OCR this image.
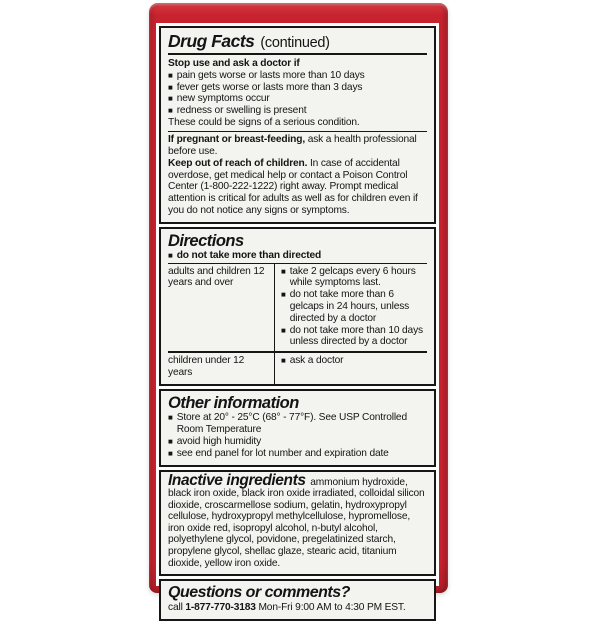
Drug Facts (continued)
Stop use and ask a doctor if
■ pain gets worse or lasts more than 10 days
■ fever gets worse or lasts more than 3 days
■ new symptoms occur
■ redness or swelling is present
These could be signs of a serious condition.

If pregnant or breast-feeding, ask a health professional before use.

Keep out of reach of children. In case of accidental overdose, get medical help or contact a Poison Control Center (1-800-222-1222) right away. Prompt medical attention is critical for adults as well as for children even if you do not notice any signs or symptoms.

Directions
■ do not take more than directed
adults and children 12 years and over
■ take 2 gelcaps every 6 hours while symptoms last.
■ do not take more than 6 gelcaps in 24 hours, unless directed by a doctor
■ do not take more than 10 days unless directed by a doctor
children under 12 years
■ ask a doctor
Other information
■ Store at 20° - 25°C (68° - 77°F). See USP Controlled Room Temperature
■ avoid high humidity
■ see end panel for lot number and expiration date

Inactive ingredients ammonium hydroxide, black iron oxide, black iron oxide irradiated, colloidal silicon dioxide, croscarmellose sodium, gelatin, hydroxypropyl cellulose, hydroxypropyl methylcellulose, hypromellose, iron oxide red, isopropyl alcohol, n-butyl alcohol, polyethylene glycol, povidone, pregelatinized starch, propylene glycol, shellac glaze, stearic acid, titanium dioxide, yellow iron oxide.

Questions or comments?

call 1-877-770-3183 Mon-Fri 9:00 AM to 4:30 PM EST.
